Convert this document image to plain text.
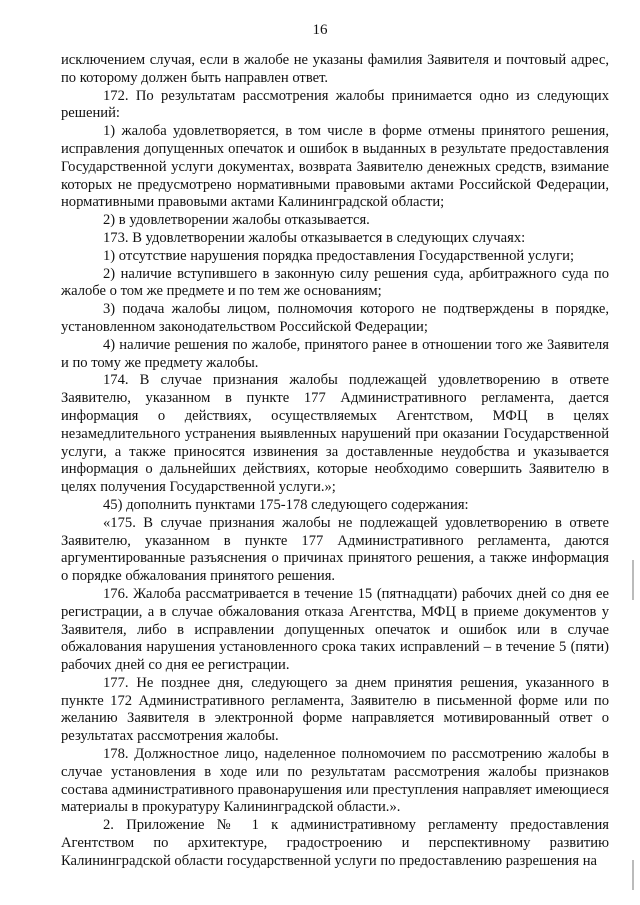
16

исключением случая, если в жалобе не указаны фамилия Заявителя и почтовый адрес, по которому должен быть направлен ответ.

172. По результатам рассмотрения жалобы принимается одно из следующих решений:

1) жалоба удовлетворяется, в том числе в форме отмены принятого решения, исправления допущенных опечаток и ошибок в выданных в результате предоставления Государственной услуги документах, возврата Заявителю денежных средств, взимание которых не предусмотрено нормативными правовыми актами Российской Федерации, нормативными правовыми актами Калининградской области;

2) в удовлетворении жалобы отказывается.

173. В удовлетворении жалобы отказывается в следующих случаях:

1) отсутствие нарушения порядка предоставления Государственной услуги;

2) наличие вступившего в законную силу решения суда, арбитражного суда по жалобе о том же предмете и по тем же основаниям;

3) подача жалобы лицом, полномочия которого не подтверждены в порядке, установленном законодательством Российской Федерации;

4) наличие решения по жалобе, принятого ранее в отношении того же Заявителя и по тому же предмету жалобы.

174. В случае признания жалобы подлежащей удовлетворению в ответе Заявителю, указанном в пункте 177 Административного регламента, дается информация о действиях, осуществляемых Агентством, МФЦ в целях незамедлительного устранения выявленных нарушений при оказании Государственной услуги, а также приносятся извинения за доставленные неудобства и указывается информация о дальнейших действиях, которые необходимо совершить Заявителю в целях получения Государственной услуги.»;

45) дополнить пунктами 175-178 следующего содержания:

«175. В случае признания жалобы не подлежащей удовлетворению в ответе Заявителю, указанном в пункте 177 Административного регламента, даются аргументированные разъяснения о причинах принятого решения, а также информация о порядке обжалования принятого решения.

176. Жалоба рассматривается в течение 15 (пятнадцати) рабочих дней со дня ее регистрации, а в случае обжалования отказа Агентства, МФЦ в приеме документов у Заявителя, либо в исправлении допущенных опечаток и ошибок или в случае обжалования нарушения установленного срока таких исправлений – в течение 5 (пяти) рабочих дней со дня ее регистрации.

177. Не позднее дня, следующего за днем принятия решения, указанного в пункте 172 Административного регламента, Заявителю в письменной форме или по желанию Заявителя в электронной форме направляется мотивированный ответ о результатах рассмотрения жалобы.

178. Должностное лицо, наделенное полномочием по рассмотрению жалобы в случае установления в ходе или по результатам рассмотрения жалобы признаков состава административного правонарушения или преступления направляет имеющиеся материалы в прокуратуру Калининградской области.».

2. Приложение № 1 к административному регламенту предоставления Агентством по архитектуре, градостроению и перспективному развитию Калининградской области государственной услуги по предоставлению разрешения на
